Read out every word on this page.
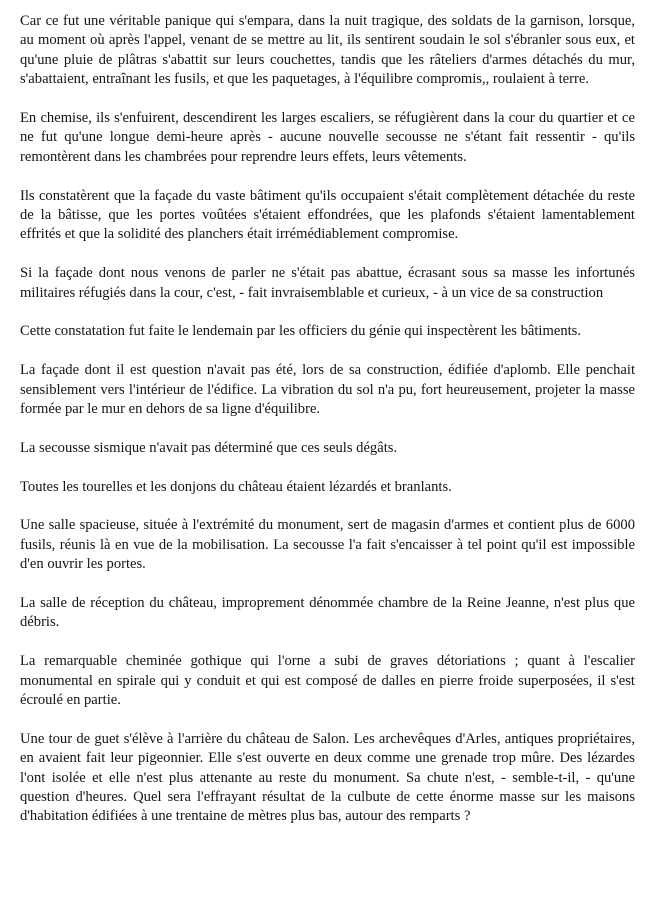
Car ce fut une véritable panique qui s'empara, dans la nuit tragique, des soldats de la garnison, lorsque, au moment où après l'appel, venant de se mettre au lit, ils sentirent soudain le sol s'ébranler sous eux, et qu'une pluie de plâtras s'abattit sur leurs couchettes, tandis que les râteliers d'armes détachés du mur, s'abattaient, entraînant les fusils, et que les paquetages, à l'équilibre compromis,, roulaient à terre.

En chemise, ils s'enfuirent, descendirent les larges escaliers, se réfugièrent dans la cour du quartier et ce ne fut qu'une longue demi-heure après - aucune nouvelle secousse ne s'étant fait ressentir - qu'ils remontèrent dans les chambrées pour reprendre leurs effets, leurs vêtements.

Ils constatèrent que la façade du vaste bâtiment qu'ils occupaient s'était complètement détachée du reste de la bâtisse, que les portes voûtées s'étaient effondrées, que les plafonds s'étaient lamentablement effrités et que la solidité des planchers était irrémédiablement compromise.

Si la façade dont nous venons de parler ne s'était pas abattue, écrasant sous sa masse les infortunés militaires réfugiés dans la cour, c'est, - fait invraisemblable et curieux, - à un vice de sa construction

Cette constatation fut faite le lendemain par les officiers du génie qui inspectèrent les bâtiments.

La façade dont il est question n'avait pas été, lors de sa construction, édifiée d'aplomb. Elle penchait sensiblement vers l'intérieur de l'édifice. La vibration du sol n'a pu, fort heureusement, projeter la masse formée par le mur en dehors de sa ligne d'équilibre.

La secousse sismique n'avait pas déterminé que ces seuls dégâts.

Toutes les tourelles et les donjons du château étaient lézardés et branlants.

Une salle spacieuse, située à l'extrémité du monument, sert de magasin d'armes et contient plus de 6000 fusils, réunis là en vue de la mobilisation. La secousse l'a fait s'encaisser à tel point qu'il est impossible d'en ouvrir les portes.

La salle de réception du château, improprement dénommée chambre de la Reine Jeanne, n'est plus que débris.

La remarquable cheminée gothique qui l'orne a subi de graves détoriations ; quant à l'escalier monumental en spirale qui y conduit et qui est composé de dalles en pierre froide superposées, il s'est écroulé en partie.

Une tour de guet s'élève à l'arrière du château de Salon. Les archevêques d'Arles, antiques propriétaires, en avaient fait leur pigeonnier. Elle s'est ouverte en deux comme une grenade trop mûre. Des lézardes l'ont isolée et elle n'est plus attenante au reste du monument. Sa chute n'est, - semble-t-il, - qu'une question d'heures. Quel sera l'effrayant résultat de la culbute de cette énorme masse sur les maisons d'habitation édifiées à une trentaine de mètres plus bas, autour des remparts ?
